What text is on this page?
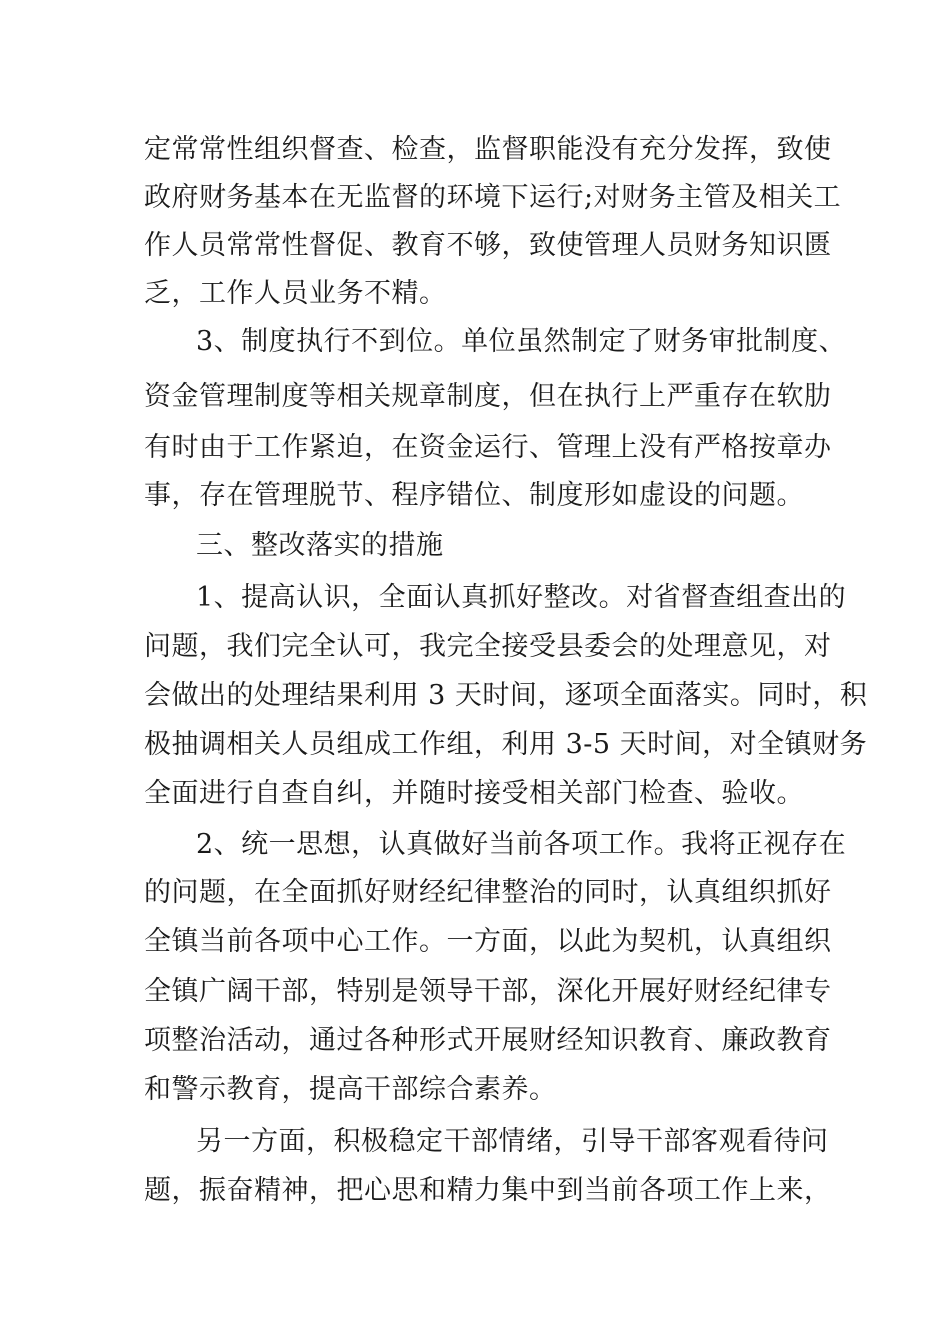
定常常性组织督查、检查，监督职能没有充分发挥，致使
政府财务基本在无监督的环境下运行;对财务主管及相关工
作人员常常性督促、教育不够，致使管理人员财务知识匮
乏，工作人员业务不精。
3、制度执行不到位。单位虽然制定了财务审批制度、
资金管理制度等相关规章制度，但在执行上严重存在软肋
有时由于工作紧迫，在资金运行、管理上没有严格按章办
事，存在管理脱节、程序错位、制度形如虚设的问题。
三、整改落实的措施
1、提高认识，全面认真抓好整改。对省督查组查出的
问题，我们完全认可，我完全接受县委会的处理意见，对
会做出的处理结果利用 3 天时间，逐项全面落实。同时，积
极抽调相关人员组成工作组，利用 3-5 天时间，对全镇财务
全面进行自查自纠，并随时接受相关部门检查、验收。
2、统一思想，认真做好当前各项工作。我将正视存在
的问题，在全面抓好财经纪律整治的同时，认真组织抓好
全镇当前各项中心工作。一方面，以此为契机，认真组织
全镇广阔干部，特别是领导干部，深化开展好财经纪律专
项整治活动，通过各种形式开展财经知识教育、廉政教育
和警示教育，提高干部综合素养。
另一方面，积极稳定干部情绪，引导干部客观看待问
题，振奋精神，把心思和精力集中到当前各项工作上来，
